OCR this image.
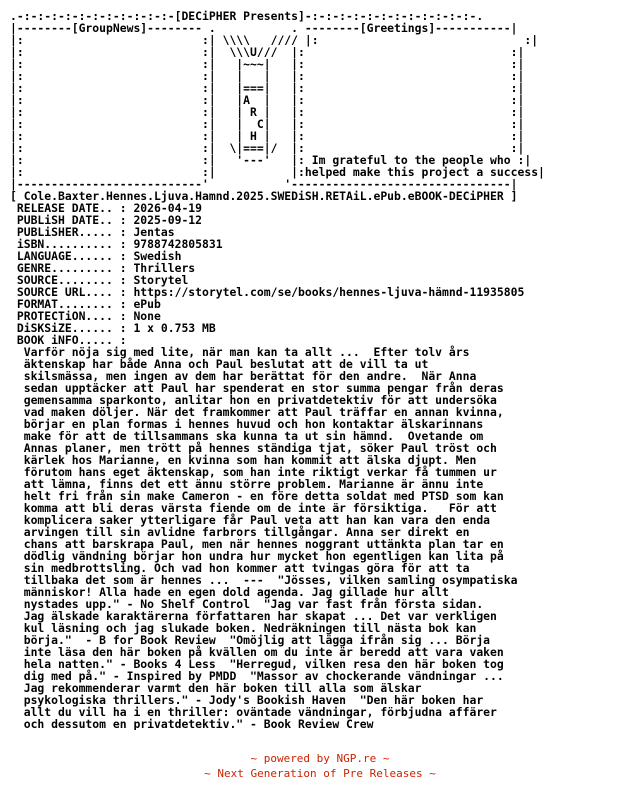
.-:-:-:-:-:-:-:-:-:-:-:-[DECiPHER Presents]-:-:-:-:-:-:-:-:-:-:-:-:-.
|--------[GroupNews]-------- .           . --------[Greetings]-----------|
|:                          :| \\\\   //// |:                              :|
|:                          :|  \\\U///  |:                              :|
|:                          :|   |~~~|   |:                              :|
|:                          :|   |   |   |:                              :|
|:                          :|   |===|   |:                              :|
|:                          :|   |A  |   |:                              :|
|:                          :|   | R |   |:                              :|
|:                          :|   |  C|   |:                              :|
|:                          :|   | H |   |:                              :|
|:                          :|  \|===|/  |:                              :|
|:                          :|   '---'   |: Im grateful to the people who :|
|:                          :|           |:helped make this project a success|
|---------------------------'           '--------------------------------|
[ Cole.Baxter.Hennes.Ljuva.Hamnd.2025.SWEDiSH.RETAiL.ePub.eBOOK-DECiPHER ]
RELEASE DATE.. : 2026-04-19
PUBLiSH DATE.. : 2025-09-12
PUBLiSHER..... : Jentas
iSBN.......... : 9788742805831
LANGUAGE...... : Swedish
GENRE......... : Thrillers
SOURCE........ : Storytel
SOURCE URL.... : https://storytel.com/se/books/hennes-ljuva-hämnd-11935805
FORMAT........ : ePub
PROTECTiON.... : None
DiSKSiZE...... : 1 x 0.753 MB
BOOK iNFO..... :
Varför nöja sig med lite, när man kan ta allt ...  Efter tolv års
äktenskap har både Anna och Paul beslutat att de vill ta ut
skilsmässa, men ingen av dem har berättat för den andre.  När Anna
sedan upptäcker att Paul har spenderat en stor summa pengar från deras
gemensamma sparkonto, anlitar hon en privatdetektiv för att undersöka
vad maken döljer. När det framkommer att Paul träffar en annan kvinna,
börjar en plan formas i hennes huvud och hon kontaktar älskarinnans
make för att de tillsammans ska kunna ta ut sin hämnd.  Ovetande om
Annas planer, men trött på hennes ständiga tjat, söker Paul tröst och
kärlek hos Marianne, en kvinna som han kommit att älska djupt. Men
förutom hans eget äktenskap, som han inte riktigt verkar få tummen ur
att lämna, finns det ett ännu större problem. Marianne är ännu inte
helt fri från sin make Cameron - en före detta soldat med PTSD som kan
komma att bli deras värsta fiende om de inte är försiktiga.   För att
komplicera saker ytterligare får Paul veta att han kan vara den enda
arvingen till sin avlidne farbrors tillgångar. Anna ser direkt en
chans att barskrapa Paul, men när hennes noggrant uttänkta plan tar en
dödlig vändning börjar hon undra hur mycket hon egentligen kan lita på
sin medbrottsling. Och vad hon kommer att tvingas göra för att ta
tillbaka det som är hennes ...  ---  "Jösses, vilken samling osympatiska
människor! Alla hade en egen dold agenda. Jag gillade hur allt
nystades upp." - No Shelf Control  "Jag var fast från första sidan.
Jag älskade karaktärerna författaren har skapat ... Det var verkligen
kul läsning och jag slukade boken. Nedräkningen till nästa bok kan
börja."  - B for Book Review  "Omöjlig att lägga ifrån sig ... Börja
inte läsa den här boken på kvällen om du inte är beredd att vara vaken
hela natten." - Books 4 Less  "Herregud, vilken resa den här boken tog
dig med på." - Inspired by PMDD  "Massor av chockerande vändningar ...
Jag rekommenderar varmt den här boken till alla som älskar
psykologiska thrillers." - Jody's Bookish Haven  "Den här boken har
allt du vill ha i en thriller: oväntade vändningar, förbjudna affärer
och dessutom en privatdetektiv." - Book Review Crew
~ powered by NGP.re ~
~ Next Generation of Pre Releases ~
